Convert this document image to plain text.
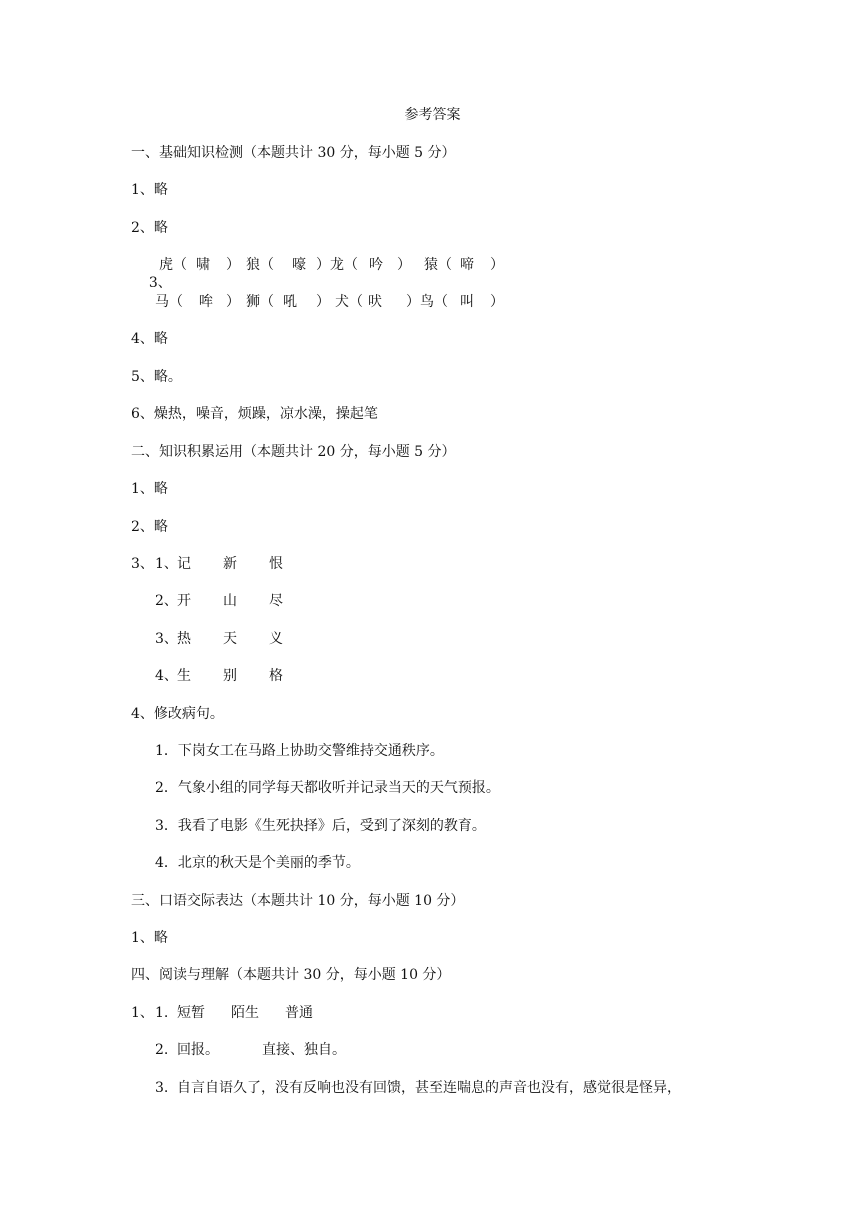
参考答案
一、基础知识检测（本题共计 30 分，每小题 5 分）
1、略
2、略

3、

虎（ 啸 ） 狼（ 嚎 ）龙（ 吟 ） 猿（ 啼 ）
马（ 哞 ） 狮（ 吼 ） 犬（ 吠 ）鸟（ 叫 ）
4、略
5、略。
6、燥热，噪音，烦躁，凉水澡，操起笔
二、知识积累运用（本题共计 20 分，每小题 5 分）
1、略
2、略
3、 1、 记 新 恨
2、 开 山 尽
3、 热 天 义
4、 生 别 格
4、修改病句。
1．下岗女工在马路上协助交警维持交通秩序。
2．气象小组的同学每天都收听并记录当天的天气预报。
3．我看了电影《生死抉择》后，受到了深刻的教育。
4．北京的秋天是个美丽的季节。
三、口语交际表达（本题共计 10 分，每小题 10 分）
1、略
四、阅读与理解（本题共计 30 分，每小题 10 分）
1、 1. 短暂 陌生 普通
2. 回报。	直接、独自。
3. 自言自语久了，没有反响也没有回馈，甚至连喘息的声音也没有，感觉很是怪异，
